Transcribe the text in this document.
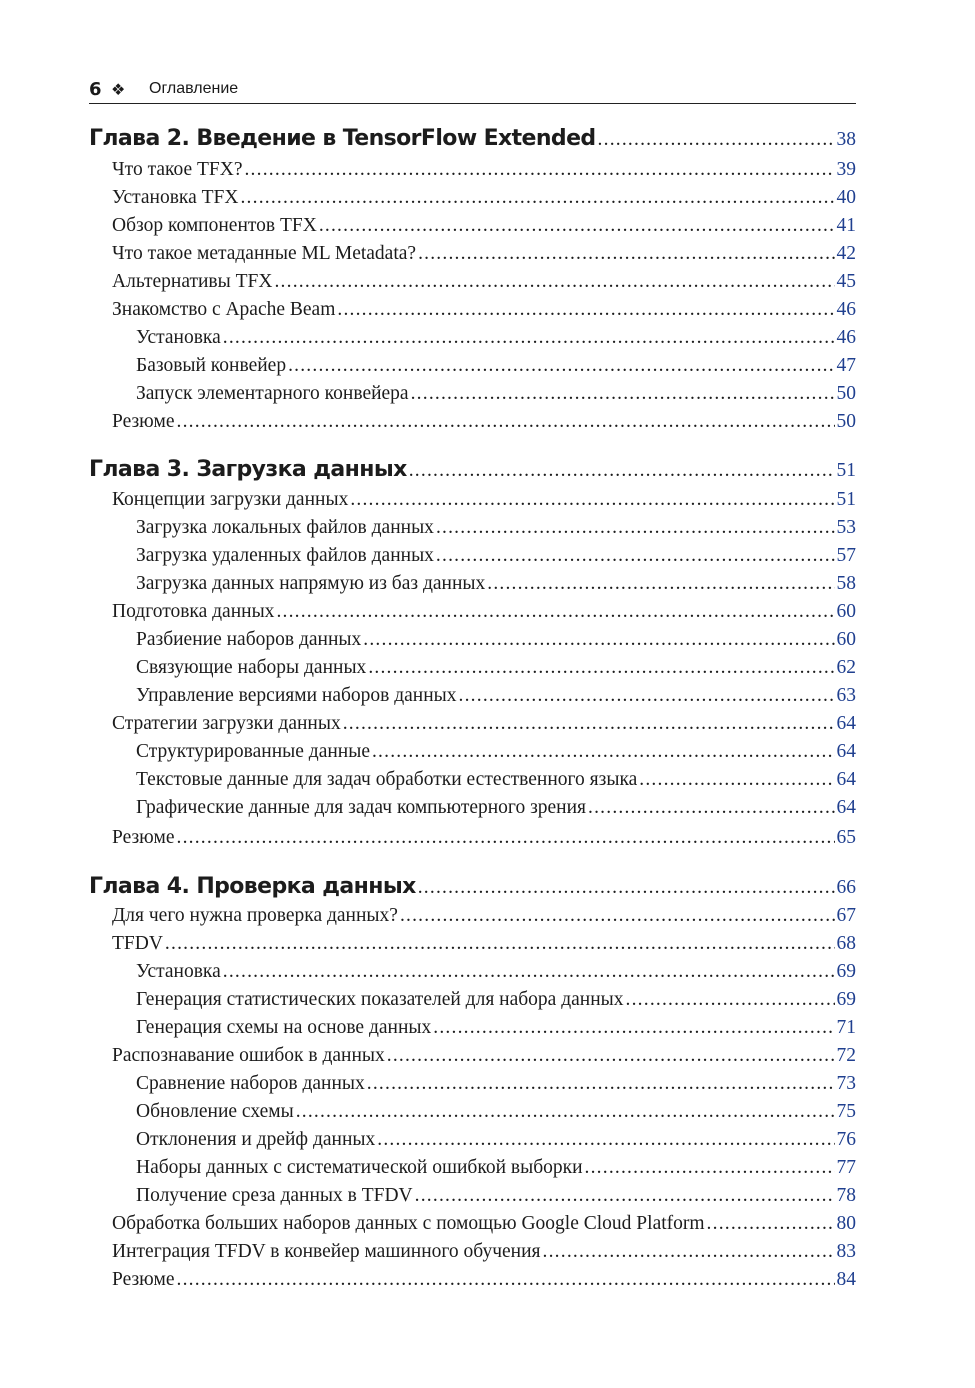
6 ❖	Оглавление
Глава 2. Введение в TensorFlow Extended .....	38
Что такое TFX? .....	39
Установка TFX .....	40
Обзор компонентов TFX .....	41
Что такое метаданные ML Metadata? .....	42
Альтернативы TFX .....	45
Знакомство с Apache Beam .....	46
Установка .....	46
Базовый конвейер .....	47
Запуск элементарного конвейера .....	50
Резюме .....	50
Глава 3. Загрузка данных .....	51
Концепции загрузки данных .....	51
Загрузка локальных файлов данных .....	53
Загрузка удаленных файлов данных .....	57
Загрузка данных напрямую из баз данных .....	58
Подготовка данных .....	60
Разбиение наборов данных .....	60
Связующие наборы данных .....	62
Управление версиями наборов данных .....	63
Стратегии загрузки данных .....	64
Структурированные данные .....	64
Текстовые данные для задач обработки естественного языка .....	64
Графические данные для задач компьютерного зрения .....	64
Резюме .....	65
Глава 4. Проверка данных .....	66
Для чего нужна проверка данных? .....	67
TFDV .....	68
Установка .....	69
Генерация статистических показателей для набора данных .....	69
Генерация схемы на основе данных .....	71
Распознавание ошибок в данных .....	72
Сравнение наборов данных .....	73
Обновление схемы .....	75
Отклонения и дрейф данных .....	76
Наборы данных с систематической ошибкой выборки .....	77
Получение среза данных в TFDV .....	78
Обработка больших наборов данных с помощью Google Cloud Platform .....	80
Интеграция TFDV в конвейер машинного обучения .....	83
Резюме .....	84
